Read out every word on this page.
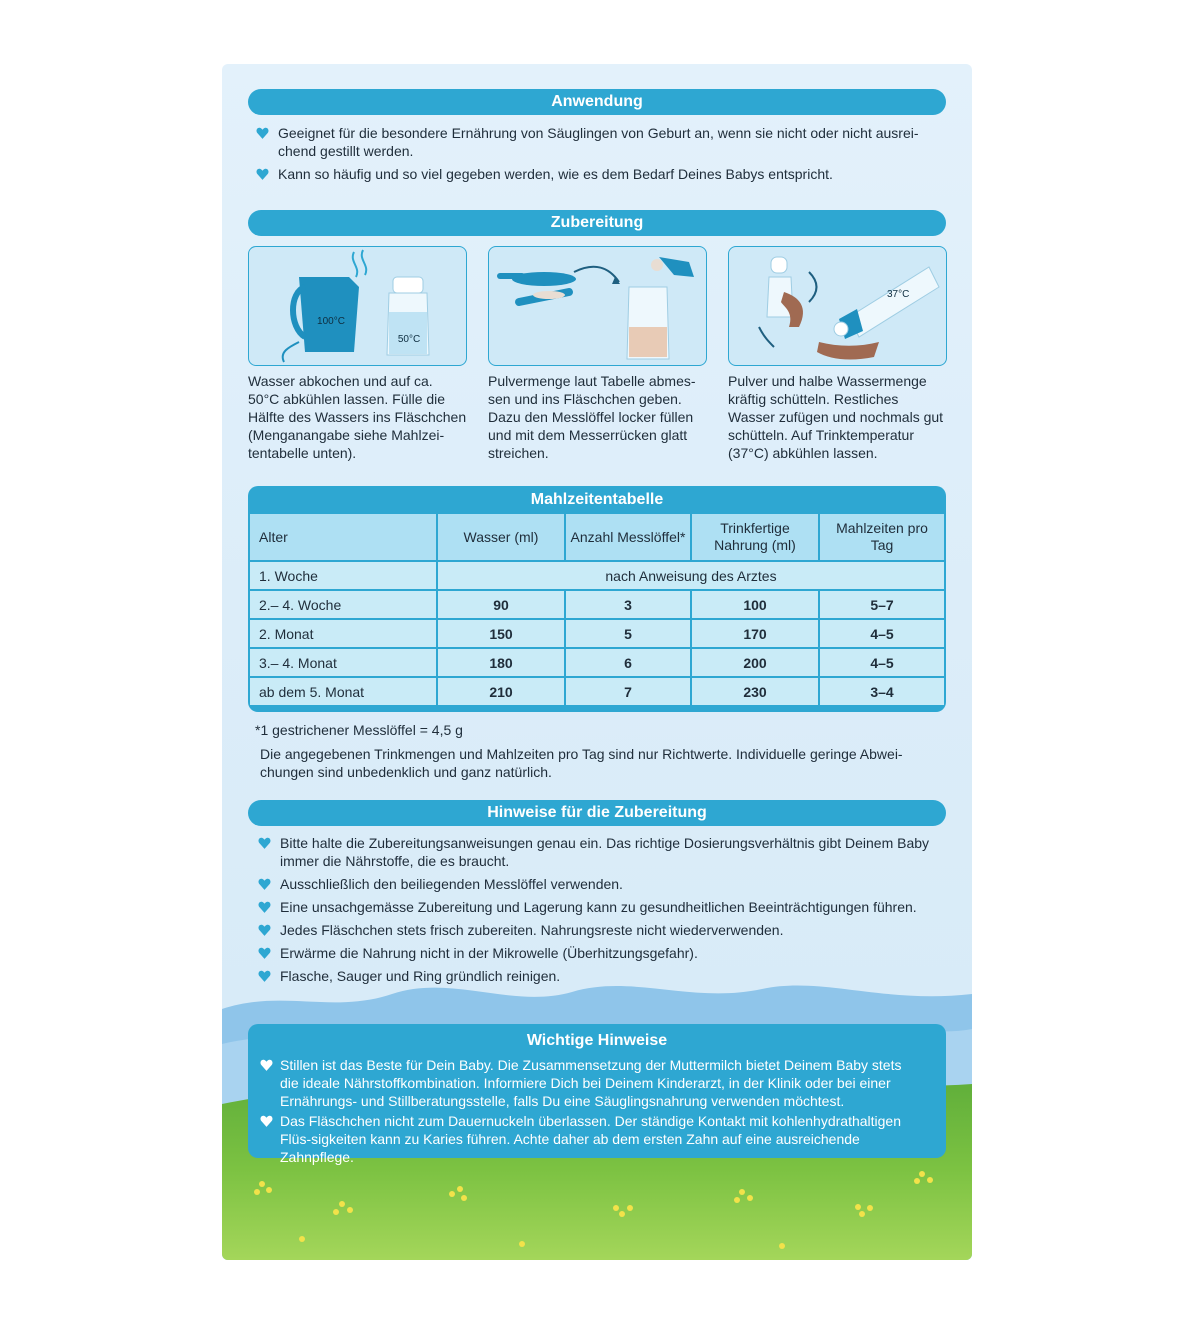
Anwendung
Geeignet für die besondere Ernährung von Säuglingen von Geburt an, wenn sie nicht oder nicht ausrei-chend gestillt werden.
Kann so häufig und so viel gegeben werden, wie es dem Bedarf Deines Babys entspricht.
Zubereitung
100°C
50°C
Wasser abkochen und auf ca. 50°C abkühlen lassen. Fülle die Hälfte des Wassers ins Fläschchen (Menganangabe siehe Mahlzei-tentabelle unten).
Pulvermenge laut Tabelle abmes-sen und ins Fläschchen geben. Dazu den Messlöffel locker füllen und mit dem Messerrücken glatt streichen.
37°C
Pulver und halbe Wassermenge kräftig schütteln. Restliches Wasser zufügen und nochmals gut schütteln. Auf Trinktemperatur (37°C) abkühlen lassen.
Mahlzeitentabelle
Alter	Wasser (ml)	Anzahl Messlöffel*	Trinkfertige Nahrung (ml)	Mahlzeiten pro Tag
1. Woche	nach Anweisung des Arztes			
2.– 4. Woche	90	3	100	5–7
2. Monat	150	5	170	4–5
3.– 4. Monat	180	6	200	4–5
ab dem 5. Monat	210	7	230	3–4
*1 gestrichener Messlöffel = 4,5 g
Die angegebenen Trinkmengen und Mahlzeiten pro Tag sind nur Richtwerte. Individuelle geringe Abwei-chungen sind unbedenklich und ganz natürlich.
Hinweise für die Zubereitung
Bitte halte die Zubereitungsanweisungen genau ein. Das richtige Dosierungsverhältnis gibt Deinem Baby immer die Nährstoffe, die es braucht.
Ausschließlich den beiliegenden Messlöffel verwenden.
Eine unsachgemässe Zubereitung und Lagerung kann zu gesundheitlichen Beeinträchtigungen führen.
Jedes Fläschchen stets frisch zubereiten. Nahrungsreste nicht wiederverwenden.
Erwärme die Nahrung nicht in der Mikrowelle (Überhitzungsgefahr).
Flasche, Sauger und Ring gründlich reinigen.
Wichtige Hinweise
Stillen ist das Beste für Dein Baby. Die Zusammensetzung der Muttermilch bietet Deinem Baby stets die ideale Nährstoffkombination. Informiere Dich bei Deinem Kinderarzt, in der Klinik oder bei einer Ernährungs- und Stillberatungsstelle, falls Du eine Säuglingsnahrung verwenden möchtest.
Das Fläschchen nicht zum Dauernuckeln überlassen. Der ständige Kontakt mit kohlenhydrathaltigen Flüs-sigkeiten kann zu Karies führen. Achte daher ab dem ersten Zahn auf eine ausreichende Zahnpflege.
